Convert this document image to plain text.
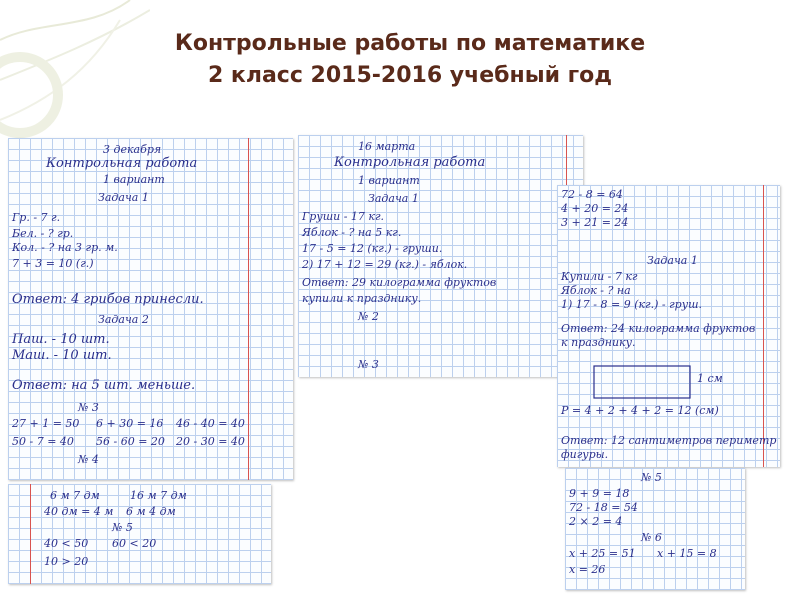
Контрольные работы по математике
2 класс 2015-2016 учебный год
3 декабря
Контрольная работа
1 вариант
Задача 1
Гр. - 7 г.
Бел. - ? гр.
Кол. - ? на 3 гр. м.
7 + 3 = 10 (г.)
Ответ: 4 грибов принесли.
Задача 2
Паш. - 10 шт.
Маш. - 10 шт.
Ответ: на 5 шт. меньше.
№ 3
27 + 1 = 50 6 + 30 = 16 46 - 40 = 40
50 - 7 = 40 56 - 60 = 20 20 - 30 = 40
№ 4
16 марта
Контрольная работа
1 вариант
Задача 1
Груши - 17 кг.
Яблок - ? на 5 кг.
17 - 5 = 12 (кг.) - груши.
2) 17 + 12 = 29 (кг.) - яблок.
Ответ: 29 килограмма фруктов
купили к празднику.
№ 2
№ 3
72 - 8 = 64
4 + 20 = 24
3 + 21 = 24
Задача 1
Купили - 7 кг
Яблок - ? на
1) 17 - 8 = 9 (кг.) - груш.
Ответ: 24 килограмма фруктов
к празднику.
1 см
P = 4 + 2 + 4 + 2 = 12 (см)
Ответ: 12 сантиметров периметр
фигуры.
6 м 7 дм	16 м 7 дм
40 дм = 4 м 6 м 4 дм
№ 5
40 < 50 60 < 20
10 > 20
№ 5
9 + 9 = 18
72 - 18 = 54
2 × 2 = 4
№ 6
x + 25 = 51
x = 26
x + 15 = 8
